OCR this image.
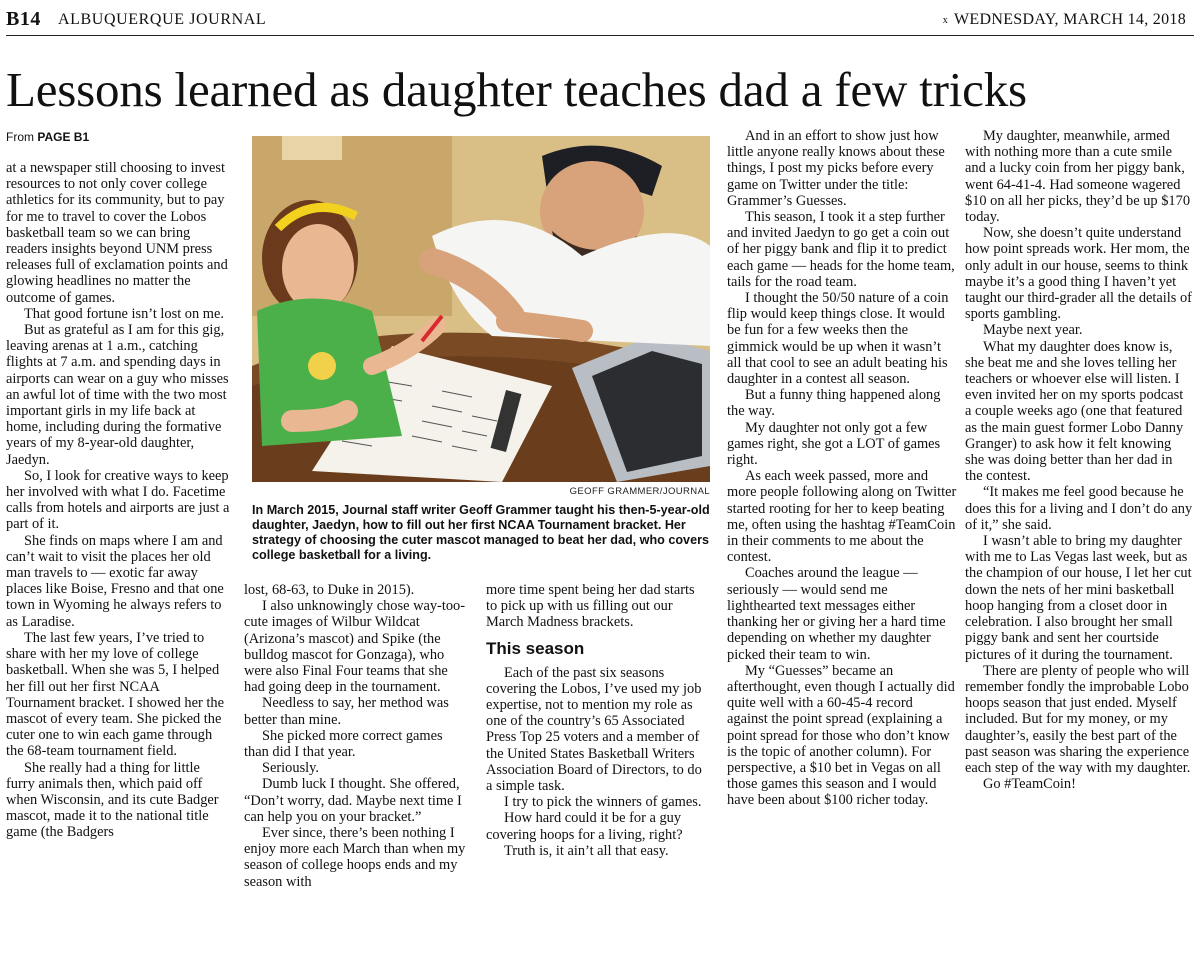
B14 ALBUQUERQUE JOURNAL	x WEDNESDAY, MARCH 14, 2018
Lessons learned as daughter teaches dad a few tricks
From PAGE B1

at a newspaper still choosing to invest resources to not only cover college athletics for its community, but to pay for me to travel to cover the Lobos basketball team so we can bring readers insights beyond UNM press releases full of exclamation points and glowing headlines no matter the outcome of games.

That good fortune isn’t lost on me.

But as grateful as I am for this gig, leaving arenas at 1 a.m., catching flights at 7 a.m. and spending days in airports can wear on a guy who misses an awful lot of time with the two most important girls in my life back at home, including during the formative years of my 8-year-old daughter, Jaedyn.

So, I look for creative ways to keep her involved with what I do. Facetime calls from hotels and airports are just a part of it.

She finds on maps where I am and can’t wait to visit the places her old man travels to — exotic far away places like Boise, Fresno and that one town in Wyoming he always refers to as Laradise.

The last few years, I’ve tried to share with her my love of college basketball. When she was 5, I helped her fill out her first NCAA Tournament bracket. I showed her the mascot of every team. She picked the cuter one to win each game through the 68-team tournament field.

She really had a thing for little furry animals then, which paid off when Wisconsin, and its cute Badger mascot, made it to the national title game (the Badgers

GEOFF GRAMMER/JOURNAL
In March 2015, Journal staff writer Geoff Grammer taught his then-5-year-old daughter, Jaedyn, how to fill out her first NCAA Tournament bracket. Her strategy of choosing the cuter mascot managed to beat her dad, who covers college basketball for a living.

lost, 68-63, to Duke in 2015).

I also unknowingly chose way-too-cute images of Wilbur Wildcat (Arizona’s mascot) and Spike (the bulldog mascot for Gonzaga), who were also Final Four teams that she had going deep in the tournament.

Needless to say, her method was better than mine.

She picked more correct games than did I that year.

Seriously.

Dumb luck I thought. She offered, “Don’t worry, dad. Maybe next time I can help you on your bracket.”

Ever since, there’s been nothing I enjoy more each March than when my season of college hoops ends and my season with

more time spent being her dad starts to pick up with us filling out our March Madness brackets.

This season

Each of the past six seasons covering the Lobos, I’ve used my job expertise, not to mention my role as one of the country’s 65 Associated Press Top 25 voters and a member of the United States Basketball Writers Association Board of Directors, to do a simple task.

I try to pick the winners of games.

How hard could it be for a guy covering hoops for a living, right?

Truth is, it ain’t all that easy.

And in an effort to show just how little anyone really knows about these things, I post my picks before every game on Twitter under the title: Grammer’s Guesses.

This season, I took it a step further and invited Jaedyn to go get a coin out of her piggy bank and flip it to predict each game — heads for the home team, tails for the road team.

I thought the 50/50 nature of a coin flip would keep things close. It would be fun for a few weeks then the gimmick would be up when it wasn’t all that cool to see an adult beating his daughter in a contest all season.

But a funny thing happened along the way.

My daughter not only got a few games right, she got a LOT of games right.

As each week passed, more and more people following along on Twitter started rooting for her to keep beating me, often using the hashtag #TeamCoin in their comments to me about the contest.

Coaches around the league — seriously — would send me lighthearted text messages either thanking her or giving her a hard time depending on whether my daughter picked their team to win.

My “Guesses” became an afterthought, even though I actually did quite well with a 60-45-4 record against the point spread (explaining a point spread for those who don’t know is the topic of another column). For perspective, a $10 bet in Vegas on all those games this season and I would have been about $100 richer today.

My daughter, meanwhile, armed with nothing more than a cute smile and a lucky coin from her piggy bank, went 64-41-4. Had someone wagered $10 on all her picks, they’d be up $170 today.

Now, she doesn’t quite understand how point spreads work. Her mom, the only adult in our house, seems to think maybe it’s a good thing I haven’t yet taught our third-grader all the details of sports gambling.

Maybe next year.

What my daughter does know is, she beat me and she loves telling her teachers or whoever else will listen. I even invited her on my sports podcast a couple weeks ago (one that featured as the main guest former Lobo Danny Granger) to ask how it felt knowing she was doing better than her dad in the contest.

“It makes me feel good because he does this for a living and I don’t do any of it,” she said.

I wasn’t able to bring my daughter with me to Las Vegas last week, but as the champion of our house, I let her cut down the nets of her mini basketball hoop hanging from a closet door in celebration. I also brought her small piggy bank and sent her courtside pictures of it during the tournament.

There are plenty of people who will remember fondly the improbable Lobo hoops season that just ended. Myself included. But for my money, or my daughter’s, easily the best part of the past season was sharing the experience each step of the way with my daughter.

Go #TeamCoin!
